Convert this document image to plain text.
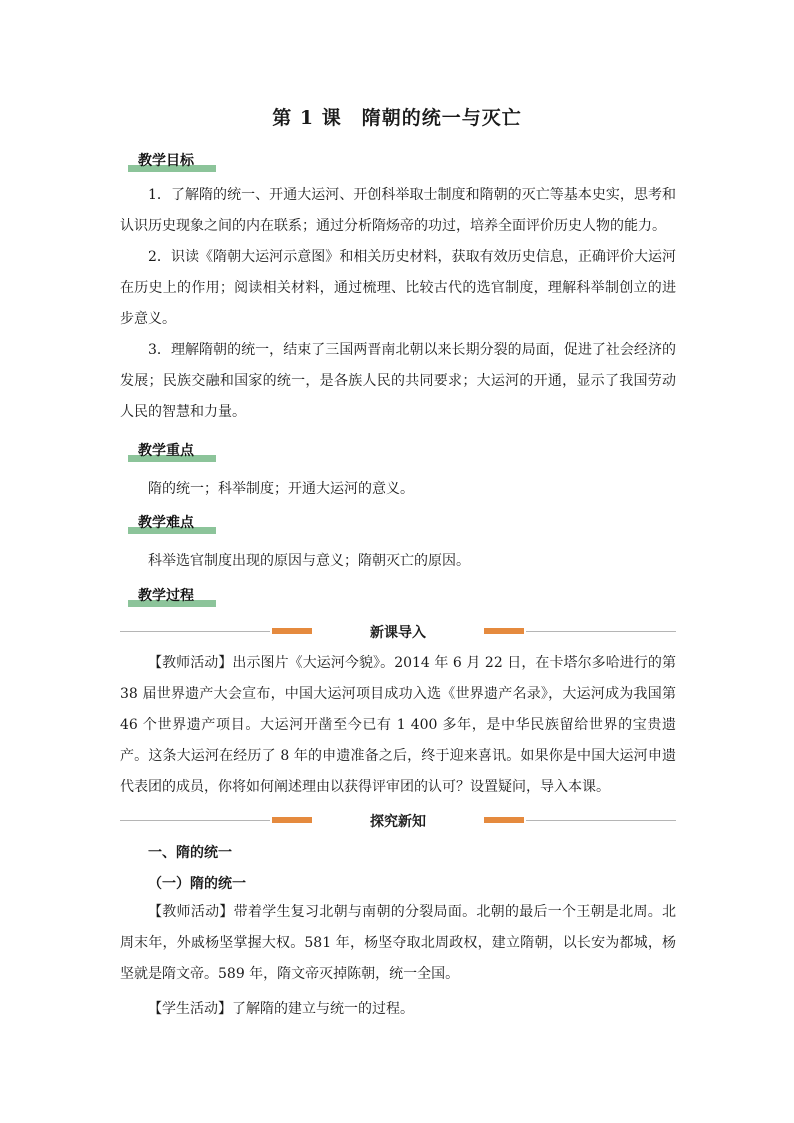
第 1 课　隋朝的统一与灭亡
教学目标
1．了解隋的统一、开通大运河、开创科举取士制度和隋朝的灭亡等基本史实，思考和认识历史现象之间的内在联系；通过分析隋炀帝的功过，培养全面评价历史人物的能力。
2．识读《隋朝大运河示意图》和相关历史材料，获取有效历史信息，正确评价大运河在历史上的作用；阅读相关材料，通过梳理、比较古代的选官制度，理解科举制创立的进步意义。
3．理解隋朝的统一，结束了三国两晋南北朝以来长期分裂的局面，促进了社会经济的发展；民族交融和国家的统一，是各族人民的共同要求；大运河的开通，显示了我国劳动人民的智慧和力量。
教学重点
隋的统一；科举制度；开通大运河的意义。
教学难点
科举选官制度出现的原因与意义；隋朝灭亡的原因。
教学过程
新课导入
【教师活动】出示图片《大运河今貌》。2014 年 6 月 22 日，在卡塔尔多哈进行的第 38 届世界遗产大会宣布，中国大运河项目成功入选《世界遗产名录》，大运河成为我国第 46 个世界遗产项目。大运河开凿至今已有 1 400 多年，是中华民族留给世界的宝贵遗产。这条大运河在经历了 8 年的申遗准备之后，终于迎来喜讯。如果你是中国大运河申遗代表团的成员，你将如何阐述理由以获得评审团的认可？设置疑问，导入本课。
探究新知
一、隋的统一
（一）隋的统一
【教师活动】带着学生复习北朝与南朝的分裂局面。北朝的最后一个王朝是北周。北周末年，外戚杨坚掌握大权。581 年，杨坚夺取北周政权，建立隋朝，以长安为都城，杨坚就是隋文帝。589 年，隋文帝灭掉陈朝，统一全国。
【学生活动】了解隋的建立与统一的过程。
